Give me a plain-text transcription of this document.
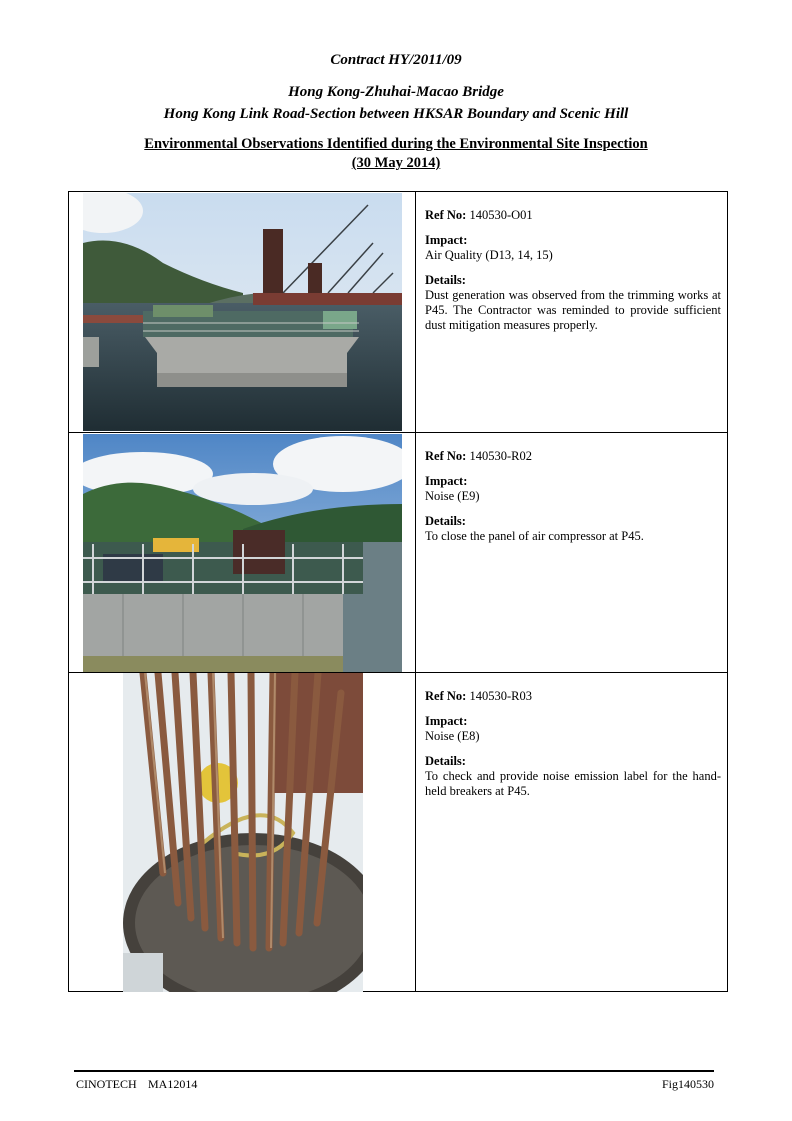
Contract HY/2011/09
Hong Kong-Zhuhai-Macao Bridge
Hong Kong Link Road-Section between HKSAR Boundary and Scenic Hill
Environmental Observations Identified during the Environmental Site Inspection
(30 May 2014)

Ref No: 140530-O01

Impact:

Air Quality (D13, 14, 15)

Details:

Dust generation was observed from the trimming works at P45. The Contractor was reminded to provide sufficient dust mitigation measures properly.

Ref No: 140530-R02

Impact:

Noise (E9)

Details:

To close the panel of air compressor at P45.

Ref No: 140530-R03

Impact:

Noise (E8)

Details:

To check and provide noise emission label for the hand-held breakers at P45.

CINOTECH MA12014	Fig140530
